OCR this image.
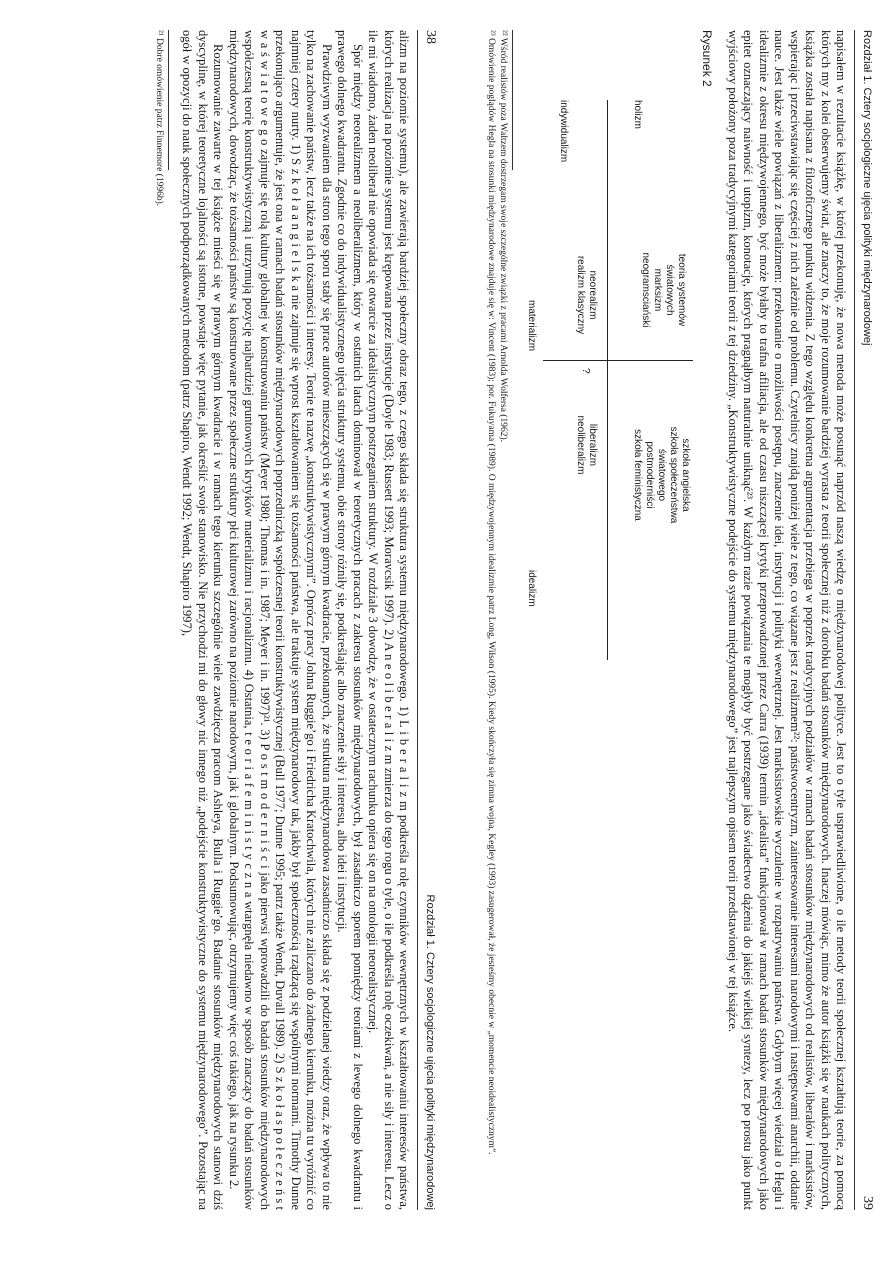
38
Rozdział 1. Cztery socjologiczne ujęcia polityki międzynarodowej

alizm na poziomie systemu), ale zawierają bardziej społeczny obraz tego, z czego składa się struktura systemu międzynarodowego. 1) L i b e r a l i z m podkreśla rolę czynników wewnętrznych w kształtowaniu interesów państwa, których realizacja na poziomie systemu jest krępowana przez instytucje (Doyle 1983; Russett 1993; Moravcsik 1997). 2) A n e o l i b e r a l i z m zmierza do tego rogu o tyle, o ile podkreśla rolę oczekiwań, a nie siły i interesu. Lecz o ile mi wiadomo, żaden neoliberał nie opowiada się otwarcie za idealistycznym postrzeganiem struktury. W rozdziale 3 dowodzę, że w ostatecznym rachunku opiera się on na ontologii neorealistycznej.

Spór między neorealizmem a neoliberalizmem, który w ostatnich latach dominował w teoretycznych pracach z zakresu stosunków międzynarodowych, był zasadniczo sporem pomiędzy teoriami z lewego dolnego kwadrantu i prawego dolnego kwadrantu. Zgodnie co do indywidualistycznego ujęcia struktury systemu, obie strony różniły się, podkreślając albo znaczenie siły i interesu, albo idei i instytucji.

Prawdziwym wyzwaniem dla stron tego sporu stały się prace autorów mieszczących się w prawym górnym kwadracie, przekonanych, że struktura międzynarodowa zasadniczo składa się z podzielanej wiedzy oraz, że wpływa to nie tylko na zachowanie państw, lecz także na ich tożsamości i interesy. Teorie te nazwę „konstruktywistycznymi”. Oprócz pracy Johna Ruggie’go i Friedricha Kratochwila, których nie zaliczano do żadnego kierunku, można tu wyróżnić co najmniej cztery nurty. 1) S z k o ł a a n g i e l s k a nie zajmuje się wprost kształtowaniem się tożsamości państwa, ale traktuje system międzynarodowy tak, jakby był społecznością rządzącą się wspólnymi normami. Timothy Dunne przekonująco argumentuje, że jest ona w ramach badań stosunków międzynarodowych poprzedniczką współczesnej teorii konstruktywistycznej (Bull 1977; Dunne 1995; patrz także Wendt, Duvall 1989). 2) S z k o ł a s p o ł e c z e ń s t w a ś w i a t o w e g o zajmuje się rolą kultury globalnej w konstruowaniu państw (Meyer 1980; Thomas i in. 1987; Meyer i in. 1997)²¹. 3) P o s t m o d e r n i ś c i jako pierwsi wprowadzili do badań stosunków międzynarodowych współczesną teorię konstruktywistyczną i utrzymują pozycję najbardziej gruntownych krytyków materializmu i racjonalizmu. 4) Ostatnia, t e o r i a f e m i n i s t y c z n a wtargnęła niedawno w sposób znaczący do badań stosunków międzynarodowych, dowodząc, że tożsamości państw są konstruowane przez społeczne struktury płci kulturowej zarówno na poziomie narodowym, jak i globalnym. Podsumowując, otrzymujemy więc coś takiego, jak na rysunku 2.

Rozumowanie zawarte w tej książce mieści się w prawym górnym kwadracie i w ramach tego kierunku szczególnie wiele zawdzięcza pracom Ashleya, Bulla i Ruggie’go. Badanie stosunków międzynarodowych stanowi dziś dyscyplinę, w której teoretyczne lojalności są istotne, powstaje więc pytanie, jak określić swoje stanowisko. Nie przychodzi mi do głowy nic innego niż „podejście konstruktywistyczne do systemu międzynarodowego”. Pozostając na ogół w opozycji do nauk społecznych podporządkowanych metodom (patrz Shapiro, Wendt 1992; Wendt, Shapiro 1997),

²¹ Dobre omówienie patrz Finnemore (1996b).	Rozdział 1. Cztery socjologiczne ujęcia polityki międzynarodowej
39

napisałem w rezultacie książkę, w której przekonuję, że nowa metoda może posunąć naprzód naszą wiedzę o międzynarodowej polityce. Jest to o tyle usprawiedliwione, o ile metody teorii społecznej kształtują teorie, za pomocą których my z kolei obserwujemy świat, ale znaczy to, że moje rozumowanie bardziej wyrasta z teorii społecznej niż z dorobku badań stosunków międzynarodowych. Inaczej mówiąc, mimo że autor książki się w naukach politycznych, książka została napisana z filozoficznego punktu widzenia. Z tego względu konkretna argumentacja przebiega w poprzek tradycyjnych podziałów w ramach badań stosunków międzynarodowych od realistów, liberałów i marksistów, wspierając i przeciwstawiając się częściej z nich zależnie od problemu. Czytelnicy znajdą poniżej wiele z tego, co wiązane jest z realizmem²²: państwocentryzm, zainteresowanie interesami narodowymi i następstwami anarchii, oddanie nauce. Jest także wiele powiązań z liberalizmem: przekonanie o możliwości postępu, znaczenie idei, instytucji i polityki wewnętrznej. Jest marksistowskie wyczulenie w rozpatrywaniu państwa. Gdybym więcej wiedział o Heglu i idealizmie z okresu międzywojennego, być może byłaby to trafna afiliacja, ale od czasu niszczącej krytyki przeprowadzonej przez Carra (1939) termin „idealista” funkcjonował w ramach badań stosunków międzynarodowych jako epitet oznaczający naiwność i utopizm, konotację, których pragnąłbym naturalnie uniknąć²³. W każdym razie powiązania te mogłyby być postrzegane jako świadectwo dążenia do jakiejś wielkiej syntezy, lecz po prostu jako punkt wyjściowy położony poza tradycyjnymi kategoriami teorii z tej dziedziny. „Konstruktywistyczne podejście do systemu międzynarodowego” jest najlepszym opisem teorii przedstawionej w tej książce.

Rysunek 2
holizm
indywidualizm
materializm
idealizm
teoria systemów światowych
marksizm
neogramsciański
szkoła angielska
szkoła społeczeństwa światowego
postmoderniści
szkoła feministyczna
neorealizm
realizm klasyczny
?
liberalizm
neoliberalizm

²² Wśród realistów poza Waltzem dostrzegam swoje szczególne związki z pracami Arnolda Wolfersa (1962).

²³ Omówienie poglądów Hegla na stosunki międzynarodowe znajduje się w: Vincent (1983); por. Fukuyama (1989). O międzywojennym idealizmie patrz Long, Wilson (1995). Kiedy skończyła się zimna wojna, Kegley (1993) zasugerował, że jesteśmy obecnie w „momencie neoidealistycznym”.
